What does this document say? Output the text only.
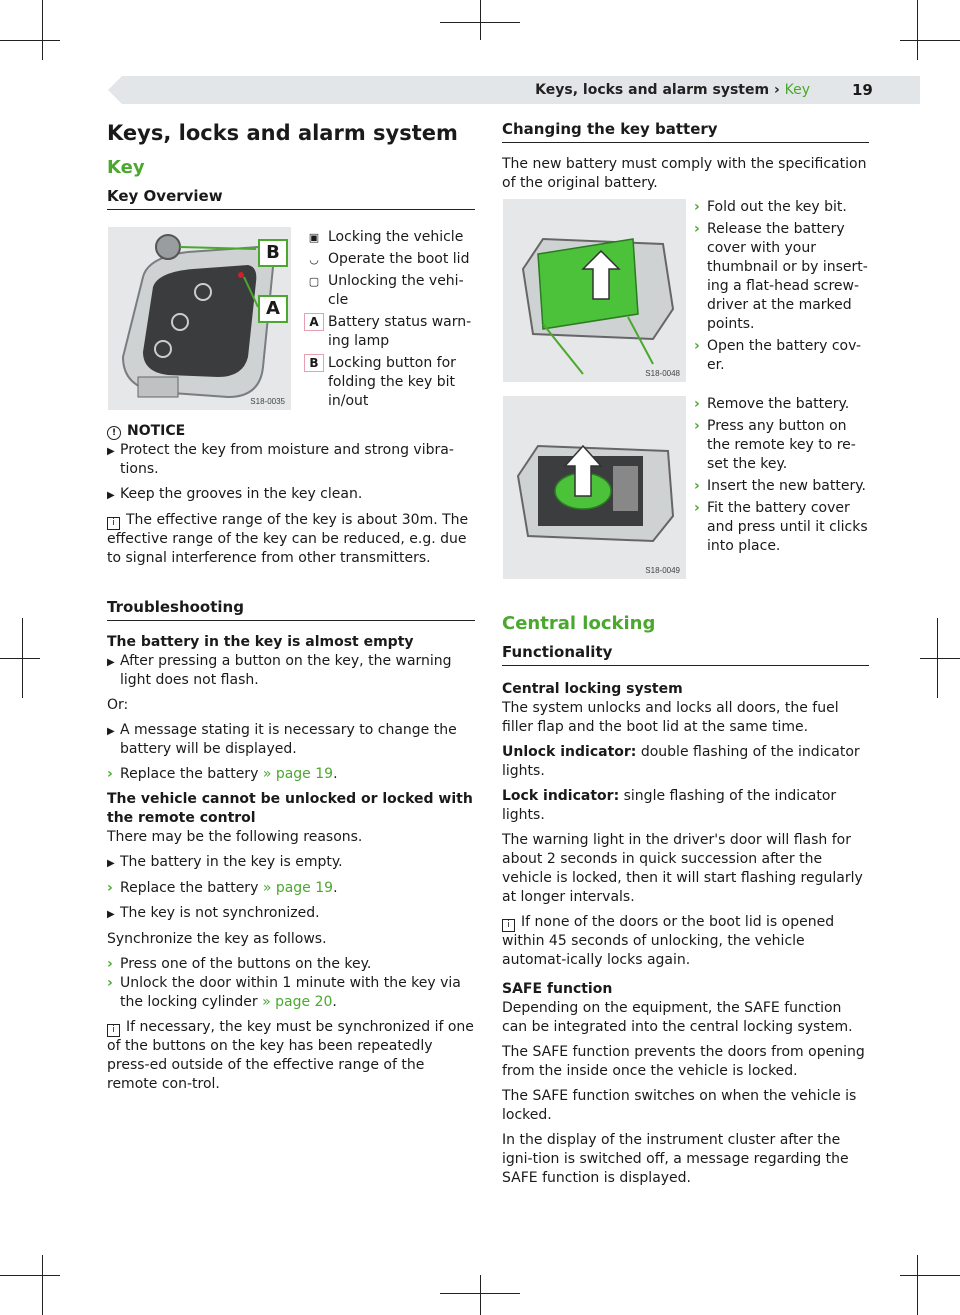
Keys, locks and alarm system › Key	19
Keys, locks and alarm system
Key
Key Overview
B
A
S18-0035
▣ Locking the vehicle
◡ Operate the boot lid
▢ Unlocking the vehi-cle
A Battery status warn-ing lamp
B Locking button for folding the key bit in/out

! NOTICE

▶ Protect the key from moisture and strong vibra-tions.
▶ Keep the grooves in the key clean.

i The effective range of the key is about 30m. The effective range of the key can be reduced, e.g. due to signal interference from other transmitters.

Troubleshooting

The battery in the key is almost empty

▶ After pressing a button on the key, the warning light does not flash.

Or:

▶ A message stating it is necessary to change the battery will be displayed.
› Replace the battery » page 19.

The vehicle cannot be unlocked or locked with the remote control

There may be the following reasons.

▶ The battery in the key is empty.
› Replace the battery » page 19.
▶ The key is not synchronized.

Synchronize the key as follows.

› Press one of the buttons on the key.
› Unlock the door within 1 minute with the key via the locking cylinder » page 20.

i If necessary, the key must be synchronized if one of the buttons on the key has been repeatedly press-ed outside of the effective range of the remote con-trol.

Changing the key battery

The new battery must comply with the specification of the original battery.

S18-0048
› Fold out the key bit.
› Release the battery cover with your thumbnail or by insert-ing a flat-head screw-driver at the marked points.
› Open the battery cov-er.
S18-0049
› Remove the battery.
› Press any button on the remote key to re-set the key.
› Insert the new battery.
› Fit the battery cover and press until it clicks into place.
Central locking
Functionality

Central locking system

The system unlocks and locks all doors, the fuel filler flap and the boot lid at the same time.

Unlock indicator: double flashing of the indicator lights.

Lock indicator: single flashing of the indicator lights.

The warning light in the driver's door will flash for about 2 seconds in quick succession after the vehicle is locked, then it will start flashing regularly at longer intervals.

i If none of the doors or the boot lid is opened within 45 seconds of unlocking, the vehicle automat-ically locks again.

SAFE function

Depending on the equipment, the SAFE function can be integrated into the central locking system.

The SAFE function prevents the doors from opening from the inside once the vehicle is locked.

The SAFE function switches on when the vehicle is locked.

In the display of the instrument cluster after the igni-tion is switched off, a message regarding the SAFE function is displayed.
